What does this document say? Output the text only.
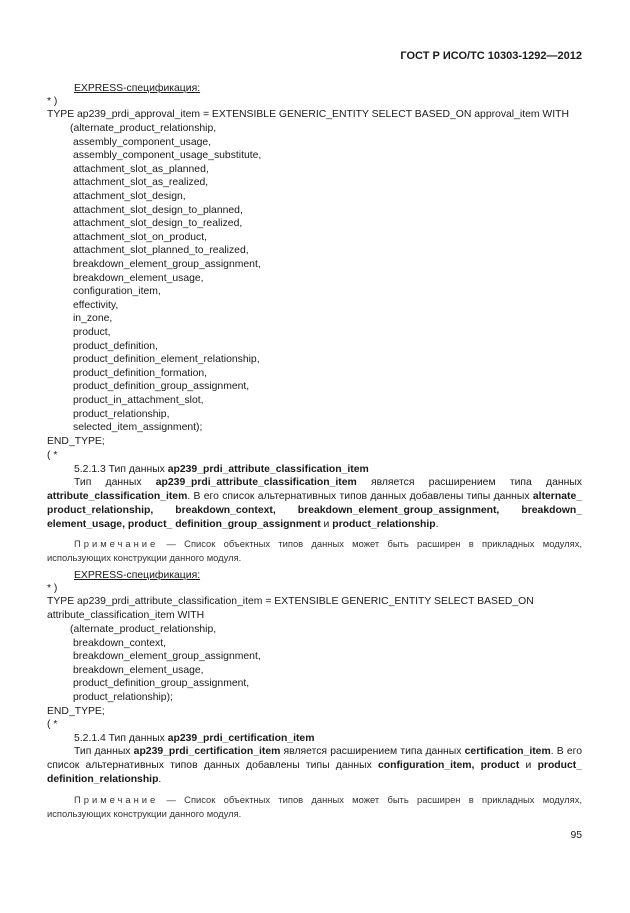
ГОСТ Р ИСО/ТС 10303-1292—2012
EXPRESS-спецификация:
* )
TYPE ap239_prdi_approval_item = EXTENSIBLE GENERIC_ENTITY SELECT BASED_ON approval_item WITH
(alternate_product_relationship,
assembly_component_usage,
assembly_component_usage_substitute,
attachment_slot_as_planned,
attachment_slot_as_realized,
attachment_slot_design,
attachment_slot_design_to_planned,
attachment_slot_design_to_realized,
attachment_slot_on_product,
attachment_slot_planned_to_realized,
breakdown_element_group_assignment,
breakdown_element_usage,
configuration_item,
effectivity,
in_zone,
product,
product_definition,
product_definition_element_relationship,
product_definition_formation,
product_definition_group_assignment,
product_in_attachment_slot,
product_relationship,
selected_item_assignment);
END_TYPE;
( *
5.2.1.3 Тип данных ap239_prdi_attribute_classification_item
Тип данных ap239_prdi_attribute_classification_item является расширением типа данных attribute_classification_item. В его список альтернативных типов данных добавлены типы данных alternate_ product_relationship, breakdown_context, breakdown_element_group_assignment, breakdown_ element_usage, product_ definition_group_assignment и product_relationship.
Примечание — Список объектных типов данных может быть расширен в прикладных модулях, использующих конструкции данного модуля.
EXPRESS-спецификация:
* )
TYPE ap239_prdi_attribute_classification_item = EXTENSIBLE GENERIC_ENTITY SELECT BASED_ON
attribute_classification_item WITH
(alternate_product_relationship,
breakdown_context,
breakdown_element_group_assignment,
breakdown_element_usage,
product_definition_group_assignment,
product_relationship);
END_TYPE;
( *
5.2.1.4 Тип данных ap239_prdi_certification_item
Тип данных ap239_prdi_certification_item является расширением типа данных certification_item. В его список альтернативных типов данных добавлены типы данных configuration_item, product и product_ definition_relationship.
Примечание — Список объектных типов данных может быть расширен в прикладных модулях, использующих конструкции данного модуля.
95
